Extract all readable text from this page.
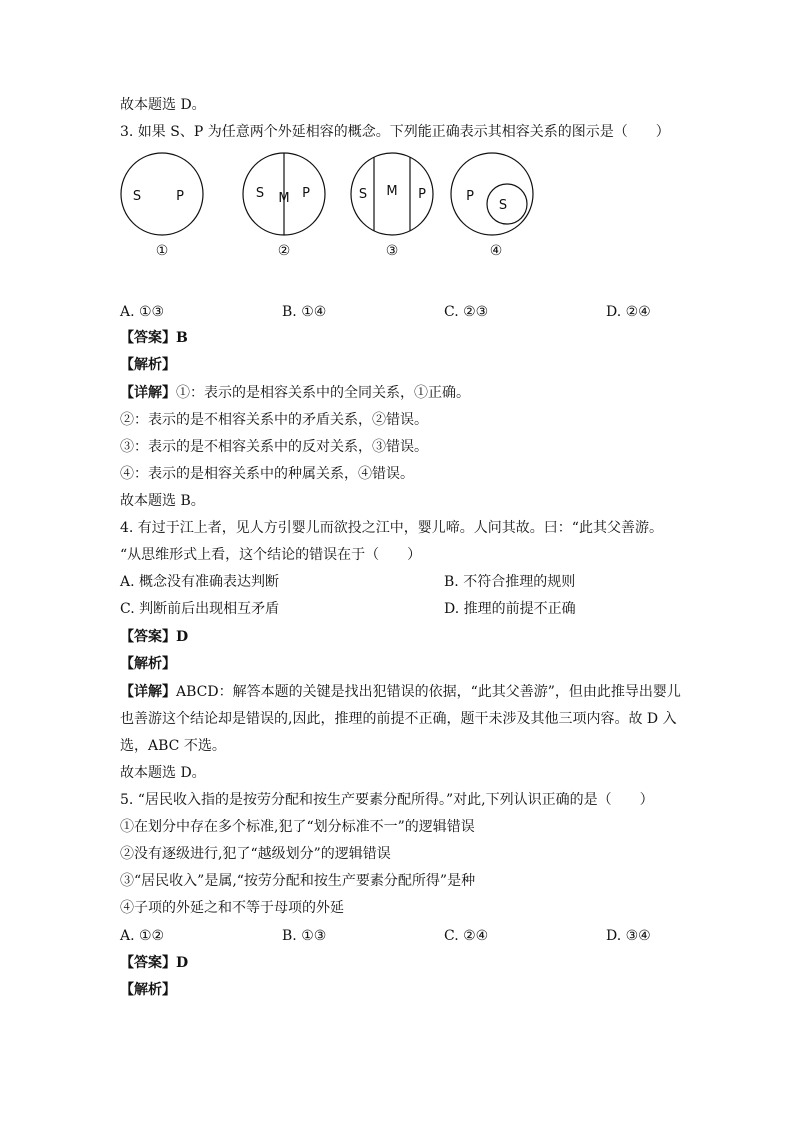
故本题选 D。
3. 如果 S、P 为任意两个外延相容的概念。下列能正确表示其相容关系的图示是（　　）
S	P
①
S M P
②
S M P
③
P
S
④
A. ①③	B. ①④	C. ②③	D. ②④
【答案】B
【解析】
【详解】①：表示的是相容关系中的全同关系，①正确。
②：表示的是不相容关系中的矛盾关系，②错误。
③：表示的是不相容关系中的反对关系，③错误。
④：表示的是相容关系中的种属关系，④错误。
故本题选 B。
4. 有过于江上者，见人方引婴儿而欲投之江中，婴儿啼。人问其故。曰：“此其父善游。
“从思维形式上看，这个结论的错误在于（　　）
A. 概念没有准确表达判断	B. 不符合推理的规则
C. 判断前后出现相互矛盾	D. 推理的前提不正确
【答案】D
【解析】
【详解】ABCD：解答本题的关键是找出犯错误的依据，“此其父善游”，但由此推导出婴儿
也善游这个结论却是错误的,因此，推理的前提不正确，题干未涉及其他三项内容。故 D 入
选，ABC 不选。
故本题选 D。
5. “居民收入指的是按劳分配和按生产要素分配所得。”对此,下列认识正确的是（　　）
①在划分中存在多个标准,犯了“划分标准不一”的逻辑错误
②没有逐级进行,犯了“越级划分”的逻辑错误
③“居民收入”是属,“按劳分配和按生产要素分配所得”是种
④子项的外延之和不等于母项的外延
A. ①②	B. ①③	C. ②④	D. ③④
【答案】D
【解析】
